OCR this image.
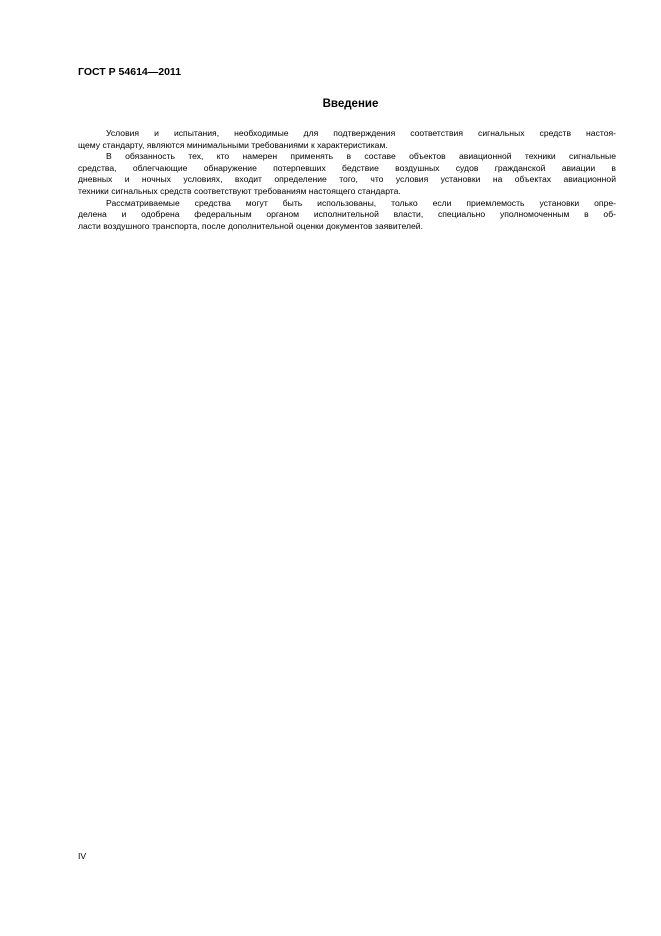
ГОСТ Р 54614—2011
Введение

Условия и испытания, необходимые для подтверждения соответствия сигнальных средств настоя-
щему стандарту, являются минимальными требованиями к характеристикам.

В обязанность тех, кто намерен применять в составе объектов авиационной техники сигнальные
средства, облегчающие обнаружение потерпевших бедствие воздушных судов гражданской авиации в
дневных и ночных условиях, входит определение того, что условия установки на объектах авиационной
техники сигнальных средств соответствуют требованиям настоящего стандарта.

Рассматриваемые средства могут быть использованы, только если приемлемость установки опре-
делена и одобрена федеральным органом исполнительной власти, специально уполномоченным в об-
ласти воздушного транспорта, после дополнительной оценки документов заявителей.

IV
